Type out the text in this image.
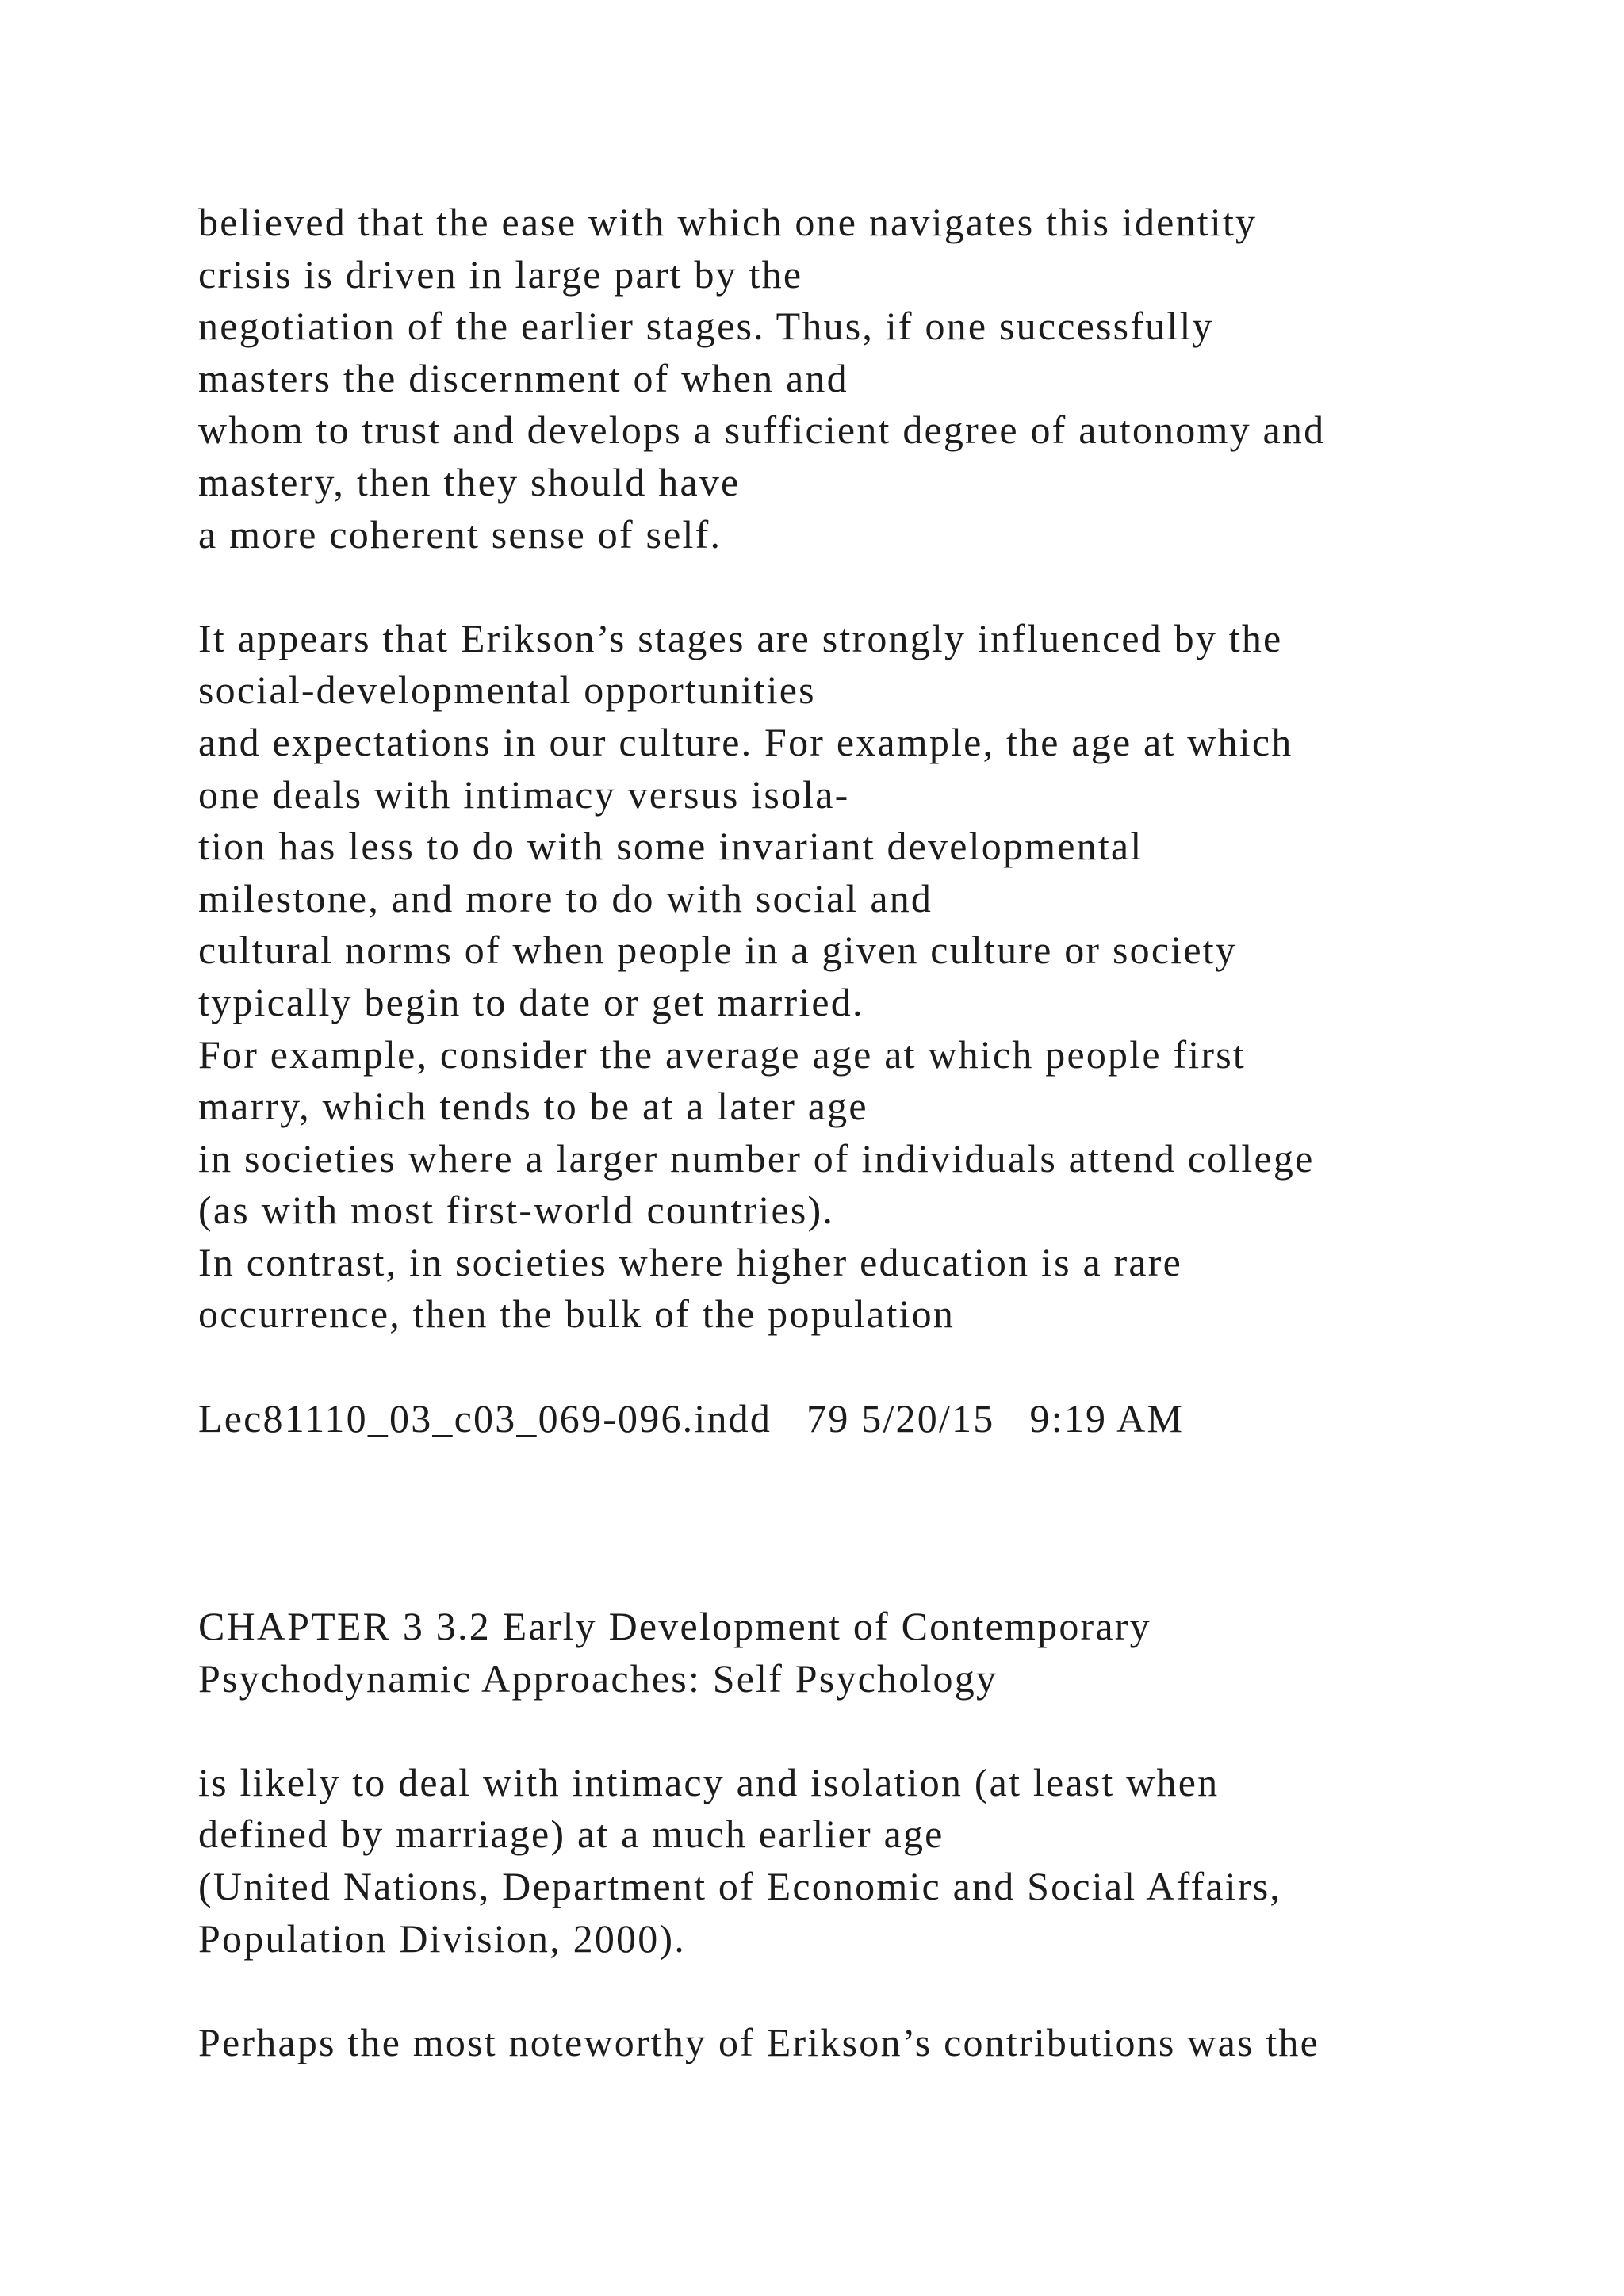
believed that the ease with which one navigates this identity
crisis is driven in large part by the
negotiation of the earlier stages. Thus, if one successfully
masters the discernment of when and
whom to trust and develops a sufficient degree of autonomy and
mastery, then they should have
a more coherent sense of self.
It appears that Erikson’s stages are strongly influenced by the
social-developmental opportunities
and expectations in our culture. For example, the age at which
one deals with intimacy versus isola-
tion has less to do with some invariant developmental
milestone, and more to do with social and
cultural norms of when people in a given culture or society
typically begin to date or get married.
For example, consider the average age at which people first
marry, which tends to be at a later age
in societies where a larger number of individuals attend college
(as with most first-world countries).
In contrast, in societies where higher education is a rare
occurrence, then the bulk of the population
Lec81110_03_c03_069-096.indd   79 5/20/15   9:19 AM
CHAPTER 3 3.2 Early Development of Contemporary
Psychodynamic Approaches: Self Psychology
is likely to deal with intimacy and isolation (at least when
defined by marriage) at a much earlier age
(United Nations, Department of Economic and Social Affairs,
Population Division, 2000).
Perhaps the most noteworthy of Erikson’s contributions was the
